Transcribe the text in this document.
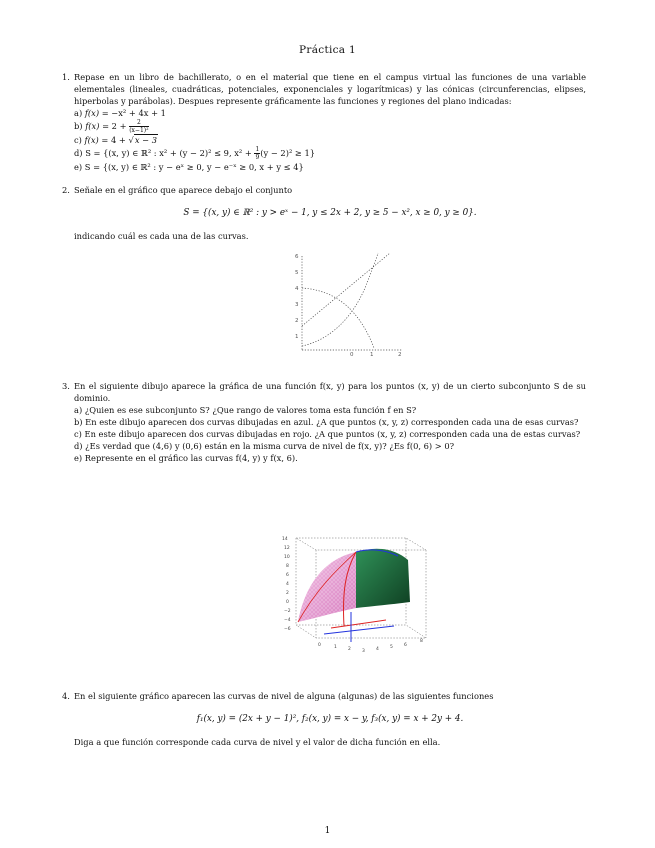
Práctica 1
1. Repase en un libro de bachillerato, o en el material que tiene en el campus virtual las funciones de una variable elementales (lineales, cuadráticas, potenciales, exponenciales y logarítmicas) y las cónicas (circunferencias, elipses, hiperbolas y parábolas). Despues represente gráficamente las funciones y regiones del plano indicadas:

a) f(x) = −x² + 4x + 1

b) $f(x) = 2 + \frac{2}{\text{(x−1)²}}$

c) f(x) = 4 + √x − 3

d) S = {(x, y) ∈ ℝ² : x² + (y − 2)² ≤ 9, $x^2 + \frac{1}{9} (y - 2)^2 \ge 1$}

e) S = {(x, y) ∈ ℝ² : y − eˣ ≥ 0, y − e⁻ˣ ≥ 0, x + y ≤ 4}

2. Señale en el gráfico que aparece debajo el conjunto

S = {(x, y) ∈ ℝ² : y > eˣ − 1, y ≤ 2x + 2, y ≥ 5 − x², x ≥ 0, y ≥ 0}.

indicando cuál es cada una de las curvas.

6
5
4
3
2
1
0	1	2
3. En el siguiente dibujo aparece la gráfica de una función f(x, y) para los puntos (x, y) de un cierto subconjunto S de su dominio.

a) ¿Quien es ese subconjunto S? ¿Que rango de valores toma esta función f en S?

b) En este dibujo aparecen dos curvas dibujadas en azul. ¿A que puntos (x, y, z) corresponden cada una de esas curvas?

c) En este dibujo aparecen dos curvas dibujadas en rojo. ¿A que puntos (x, y, z) corresponden cada una de estas curvas?

d) ¿Es verdad que (4,6) y (0,6) están en la misma curva de nivel de f(x, y)? ¿Es f(0, 6) > 0?

e) Represente en el gráfico las curvas f(4, y) y f(x, 6).

14
12
10
8
6
4
2
0
−2
−4
−6
0	1 2 3 4 5 6
8
4. En el siguiente gráfico aparecen las curvas de nivel de alguna (algunas) de las siguientes funciones

f₁(x, y) = (2x + y − 1)², f₂(x, y) = x − y, f₃(x, y) = x + 2y + 4.

Diga a que función corresponde cada curva de nivel y el valor de dicha función en ella.

1
